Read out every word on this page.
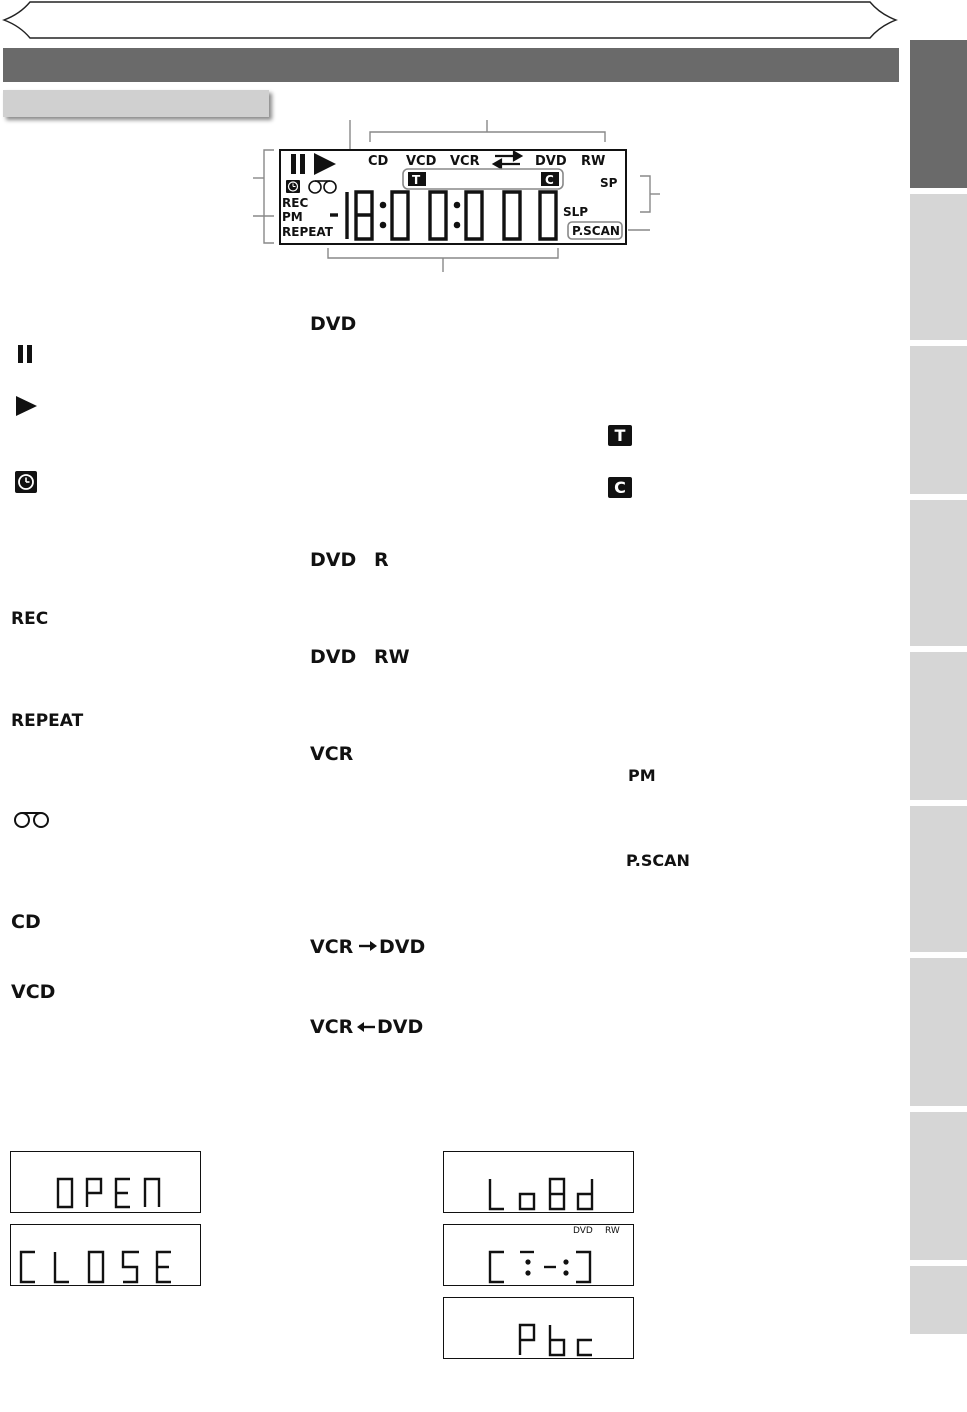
CD VCD VCR	DVD RW
SP
SLP
REC
PM
REPEAT	P.SCAN
T	C
REC
REPEAT
CD
VCD
DVD
DVD R
DVD RW
VCR
VCR DVD
VCR DVD
T
C
PM
P.SCAN
DVD RW
